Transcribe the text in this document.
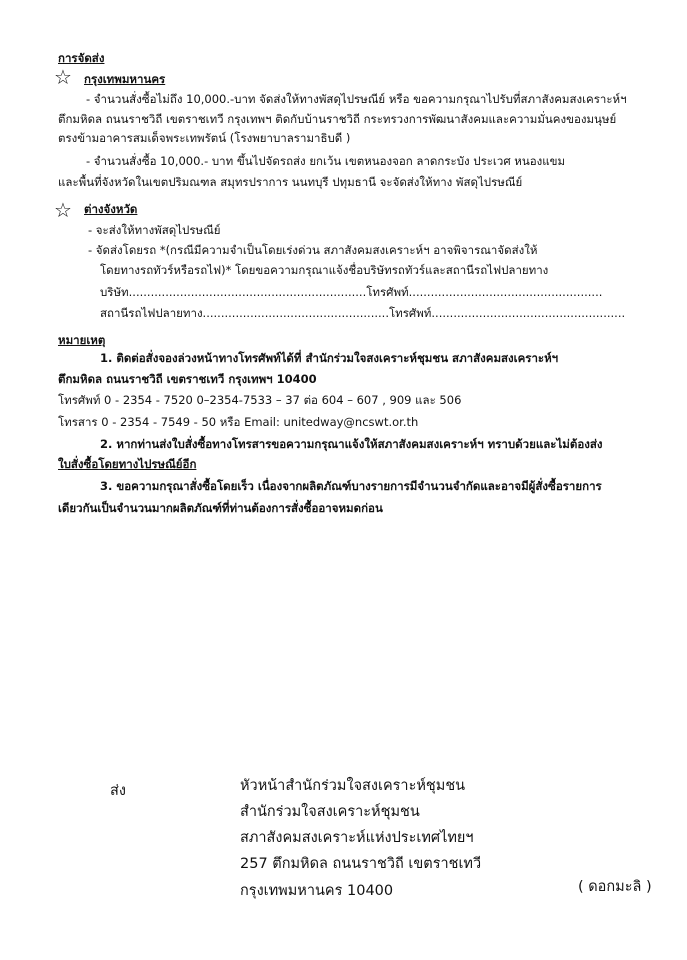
การจัดส่ง
☆ กรุงเทพมหานคร
- จำนวนสั่งซื้อไม่ถึง 10,000.-บาท จัดส่งให้ทางพัสดุไปรษณีย์ หรือ ขอความกรุณาไปรับที่สภาสังคมสงเคราะห์ฯ
ตึกมหิดล ถนนราชวิถี เขตราชเทวี กรุงเทพฯ ติดกับบ้านราชวิถี กระทรวงการพัฒนาสังคมและความมั่นคงของมนุษย์
ตรงข้ามอาคารสมเด็จพระเทพรัตน์ (โรงพยาบาลรามาธิบดี )
- จำนวนสั่งซื้อ 10,000.- บาท ขึ้นไปจัดรถส่ง ยกเว้น เขตหนองจอก ลาดกระบัง ประเวศ หนองแขม
และพื้นที่จังหวัดในเขตปริมณฑล สมุทรปราการ นนทบุรี ปทุมธานี จะจัดส่งให้ทาง พัสดุไปรษณีย์
☆ ต่างจังหวัด
- จะส่งให้ทางพัสดุไปรษณีย์
- จัดส่งโดยรถ *(กรณีมีความจำเป็นโดยเร่งด่วน สภาสังคมสงเคราะห์ฯ อาจพิจารณาจัดส่งให้
โดยทางรถทัวร์หรือรถไฟ)* โดยขอความกรุณาแจ้งชื่อบริษัทรถทัวร์และสถานีรถไฟปลายทาง
บริษัท.................................................................โทรศัพท์.....................................................
สถานีรถไฟปลายทาง...................................................โทรศัพท์.....................................................
หมายเหตุ
1. ติดต่อสั่งจองล่วงหน้าทางโทรศัพท์ได้ที่ สำนักร่วมใจสงเคราะห์ชุมชน สภาสังคมสงเคราะห์ฯ
ตึกมหิดล ถนนราชวิถี เขตราชเทวี กรุงเทพฯ 10400
โทรศัพท์ 0 - 2354 - 7520 0–2354-7533 – 37 ต่อ 604 – 607 , 909 และ 506
โทรสาร 0 - 2354 - 7549 - 50 หรือ Email: unitedway@ncswt.or.th
2. หากท่านส่งใบสั่งซื้อทางโทรสารขอความกรุณาแจ้งให้สภาสังคมสงเคราะห์ฯ ทราบด้วยและไม่ต้องส่ง
ใบสั่งซื้อโดยทางไปรษณีย์อีก
3. ขอความกรุณาสั่งซื้อโดยเร็ว เนื่องจากผลิตภัณฑ์บางรายการมีจำนวนจำกัดและอาจมีผู้สั่งซื้อรายการ
เดียวกันเป็นจำนวนมากผลิตภัณฑ์ที่ท่านต้องการสั่งซื้ออาจหมดก่อน
ส่ง	หัวหน้าสำนักร่วมใจสงเคราะห์ชุมชน
สำนักร่วมใจสงเคราะห์ชุมชน
สภาสังคมสงเคราะห์แห่งประเทศไทยฯ
257 ตึกมหิดล ถนนราชวิถี เขตราชเทวี
กรุงเทพมหานคร 10400	( ดอกมะลิ )
